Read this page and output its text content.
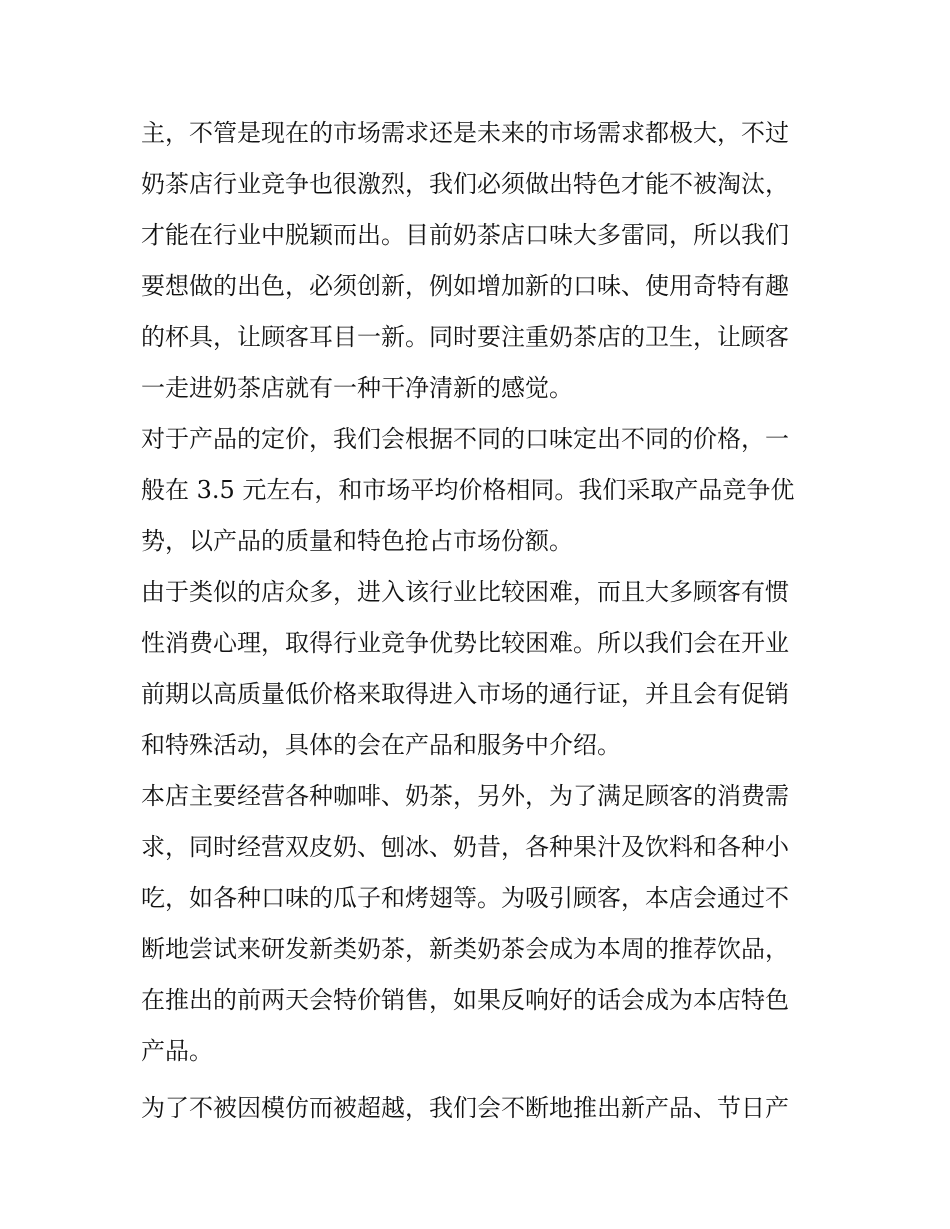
主，不管是现在的市场需求还是未来的市场需求都极大，不过
奶茶店行业竞争也很激烈，我们必须做出特色才能不被淘汰，
才能在行业中脱颖而出。目前奶茶店口味大多雷同，所以我们
要想做的出色，必须创新，例如增加新的口味、使用奇特有趣
的杯具，让顾客耳目一新。同时要注重奶茶店的卫生，让顾客
一走进奶茶店就有一种干净清新的感觉。
对于产品的定价，我们会根据不同的口味定出不同的价格，一
般在 3.5 元左右，和市场平均价格相同。我们采取产品竞争优
势，以产品的质量和特色抢占市场份额。
由于类似的店众多，进入该行业比较困难，而且大多顾客有惯
性消费心理，取得行业竞争优势比较困难。所以我们会在开业
前期以高质量低价格来取得进入市场的通行证，并且会有促销
和特殊活动，具体的会在产品和服务中介绍。
本店主要经营各种咖啡、奶茶，另外，为了满足顾客的消费需
求，同时经营双皮奶、刨冰、奶昔，各种果汁及饮料和各种小
吃，如各种口味的瓜子和烤翅等。为吸引顾客，本店会通过不
断地尝试来研发新类奶茶，新类奶茶会成为本周的推荐饮品，
在推出的前两天会特价销售，如果反响好的话会成为本店特色
产品。
为了不被因模仿而被超越，我们会不断地推出新产品、节日产
